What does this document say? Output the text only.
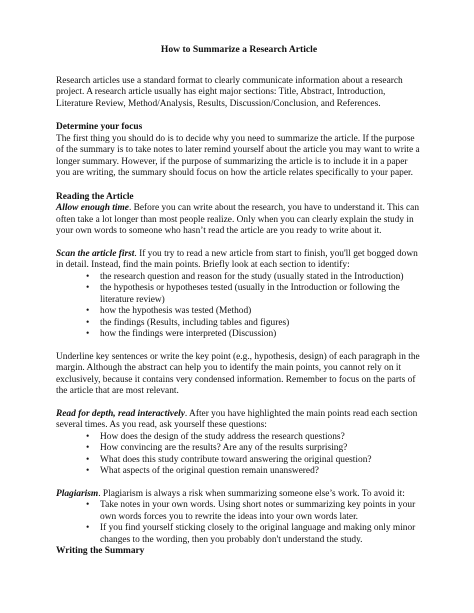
How to Summarize a Research Article

Research articles use a standard format to clearly communicate information about a research project. A research article usually has eight major sections: Title, Abstract, Introduction, Literature Review, Method/Analysis, Results, Discussion/Conclusion, and References.

Determine your focus

The first thing you should do is to decide why you need to summarize the article. If the purpose of the summary is to take notes to later remind yourself about the article you may want to write a longer summary. However, if the purpose of summarizing the article is to include it in a paper you are writing, the summary should focus on how the article relates specifically to your paper.

Reading the Article

Allow enough time. Before you can write about the research, you have to understand it. This can often take a lot longer than most people realize. Only when you can clearly explain the study in your own words to someone who hasn’t read the article are you ready to write about it.

Scan the article first. If you try to read a new article from start to finish, you'll get bogged down in detail. Instead, find the main points. Briefly look at each section to identify:

• the research question and reason for the study (usually stated in the Introduction)
• the hypothesis or hypotheses tested (usually in the Introduction or following the literature review)
• how the hypothesis was tested (Method)
• the findings (Results, including tables and figures)
• how the findings were interpreted (Discussion)

Underline key sentences or write the key point (e.g., hypothesis, design) of each paragraph in the margin. Although the abstract can help you to identify the main points, you cannot rely on it exclusively, because it contains very condensed information. Remember to focus on the parts of the article that are most relevant.

Read for depth, read interactively. After you have highlighted the main points read each section several times. As you read, ask yourself these questions:

• How does the design of the study address the research questions?
• How convincing are the results? Are any of the results surprising?
• What does this study contribute toward answering the original question?
• What aspects of the original question remain unanswered?

Plagiarism. Plagiarism is always a risk when summarizing someone else’s work. To avoid it:

• Take notes in your own words. Using short notes or summarizing key points in your own words forces you to rewrite the ideas into your own words later.
• If you find yourself sticking closely to the original language and making only minor changes to the wording, then you probably don't understand the study.
Writing the Summary
